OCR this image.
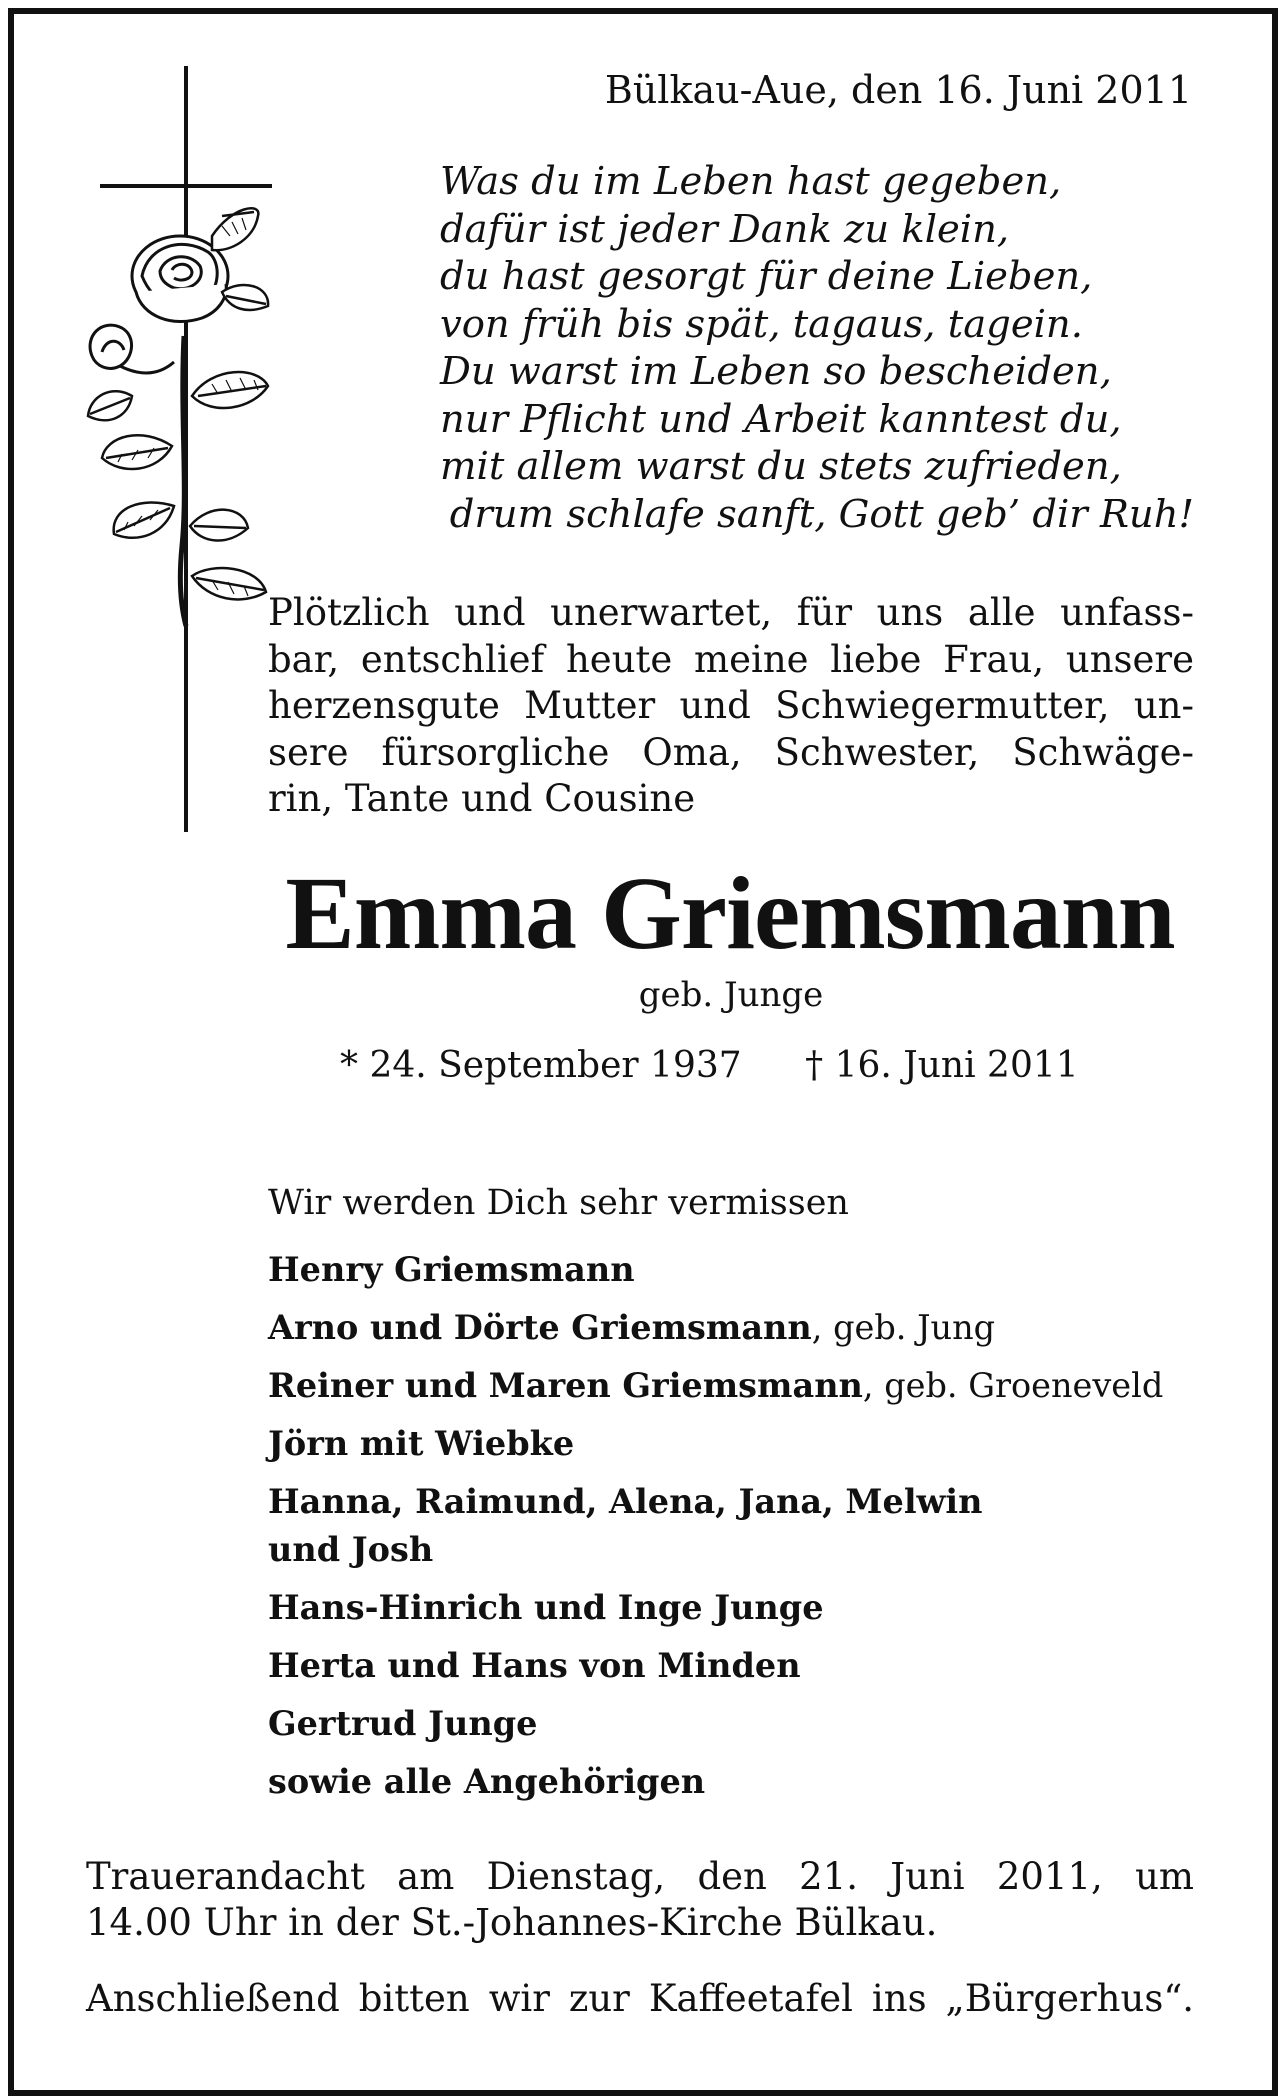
Bülkau-Aue, den 16. Juni 2011
Was du im Leben hast gegeben,
dafür ist jeder Dank zu klein,
du hast gesorgt für deine Lieben,
von früh bis spät, tagaus, tagein.
Du warst im Leben so bescheiden,
nur Pflicht und Arbeit kanntest du,
mit allem warst du stets zufrieden,
drum schlafe sanft, Gott geb’ dir Ruh!
Plötzlich und unerwartet, für uns alle unfass-
bar, entschlief heute meine liebe Frau, unsere
herzensgute Mutter und Schwiegermutter, un-
sere fürsorgliche Oma, Schwester, Schwäge-
rin, Tante und Cousine
Emma Griemsmann
geb. Junge
* 24. September 1937 † 16. Juni 2011
Wir werden Dich sehr vermissen
Henry Griemsmann
Arno und Dörte Griemsmann, geb. Jung
Reiner und Maren Griemsmann, geb. Groeneveld
Jörn mit Wiebke
Hanna, Raimund, Alena, Jana, Melwin
und Josh
Hans-Hinrich und Inge Junge
Herta und Hans von Minden
Gertrud Junge
sowie alle Angehörigen
Trauerandacht am Dienstag, den 21. Juni 2011, um
14.00 Uhr in der St.-Johannes-Kirche Bülkau.
Anschließend bitten wir zur Kaffeetafel ins „Bürgerhus“.
